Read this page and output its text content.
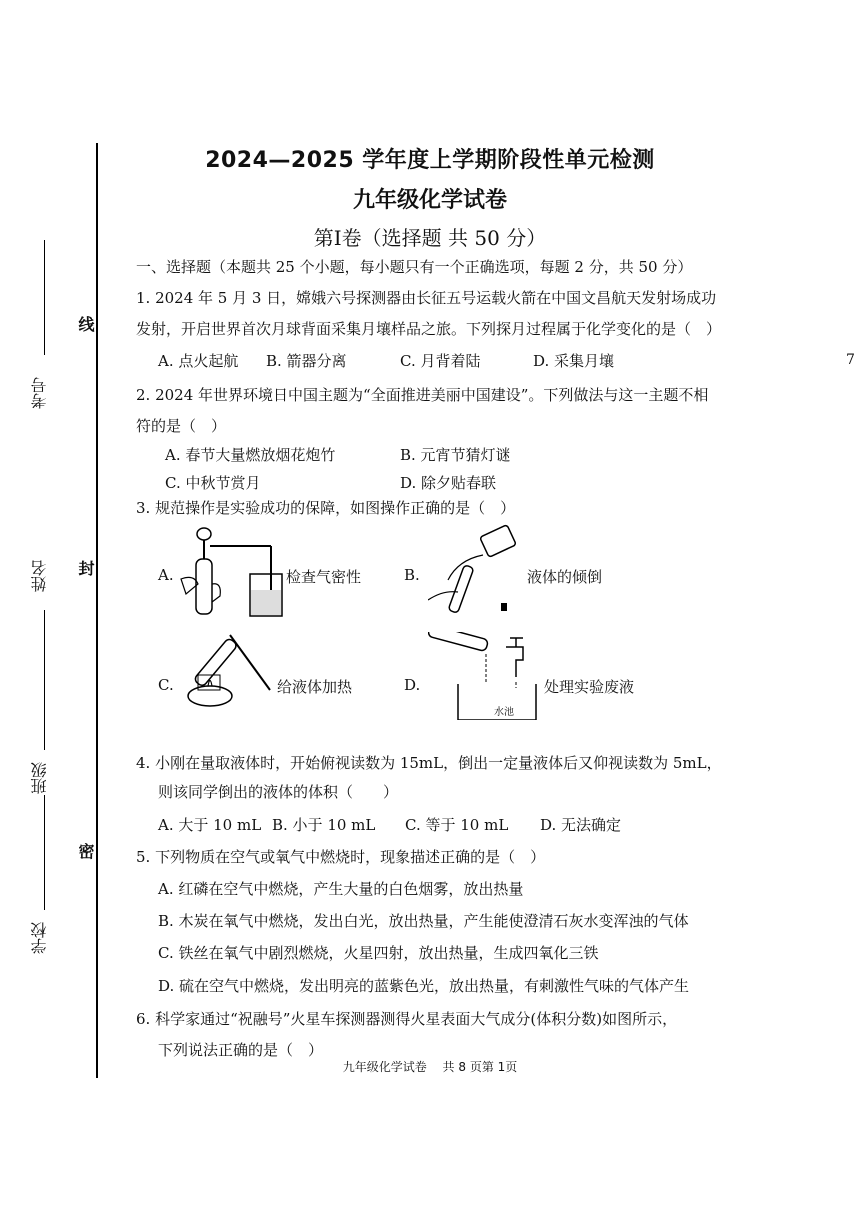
2024—2025 学年度上学期阶段性单元检测
九年级化学试卷
第Ⅰ卷（选择题 共 50 分）
考号
姓名
班级
学校
线
封
密
7
一、选择题（本题共 25 个小题，每小题只有一个正确选项，每题 2 分，共 50 分）
1. 2024 年 5 月 3 日，嫦娥六号探测器由长征五号运载火箭在中国文昌航天发射场成功
发射，开启世界首次月球背面采集月壤样品之旅。下列探月过程属于化学变化的是（　）
A. 点火起航 B. 箭器分离	C. 月背着陆	D. 采集月壤
2. 2024 年世界环境日中国主题为“全面推进美丽中国建设”。下列做法与这一主题不相
符的是（　）
A. 春节大量燃放烟花炮竹	B. 元宵节猜灯谜
C. 中秋节赏月	D. 除夕贴春联
3. 规范操作是实验成功的保障，如图操作正确的是（　）
A.	检查气密性	B.	液体的倾倒
C.	给液体加热	D.
水池
处理实验废液
4. 小刚在量取液体时，开始俯视读数为 15mL，倒出一定量液体后又仰视读数为 5mL，
则该同学倒出的液体的体积（　　）
A. 大于 10 mL B. 小于 10 mL C. 等于 10 mL D. 无法确定
5. 下列物质在空气或氧气中燃烧时，现象描述正确的是（　）
A. 红磷在空气中燃烧，产生大量的白色烟雾，放出热量
B. 木炭在氧气中燃烧，发出白光，放出热量，产生能使澄清石灰水变浑浊的气体
C. 铁丝在氧气中剧烈燃烧，火星四射，放出热量，生成四氧化三铁
D. 硫在空气中燃烧，发出明亮的蓝紫色光，放出热量，有刺激性气味的气体产生
6. 科学家通过“祝融号”火星车探测器测得火星表面大气成分(体积分数)如图所示，
下列说法正确的是（　）
九年级化学试卷　 共 8 页第 1页
